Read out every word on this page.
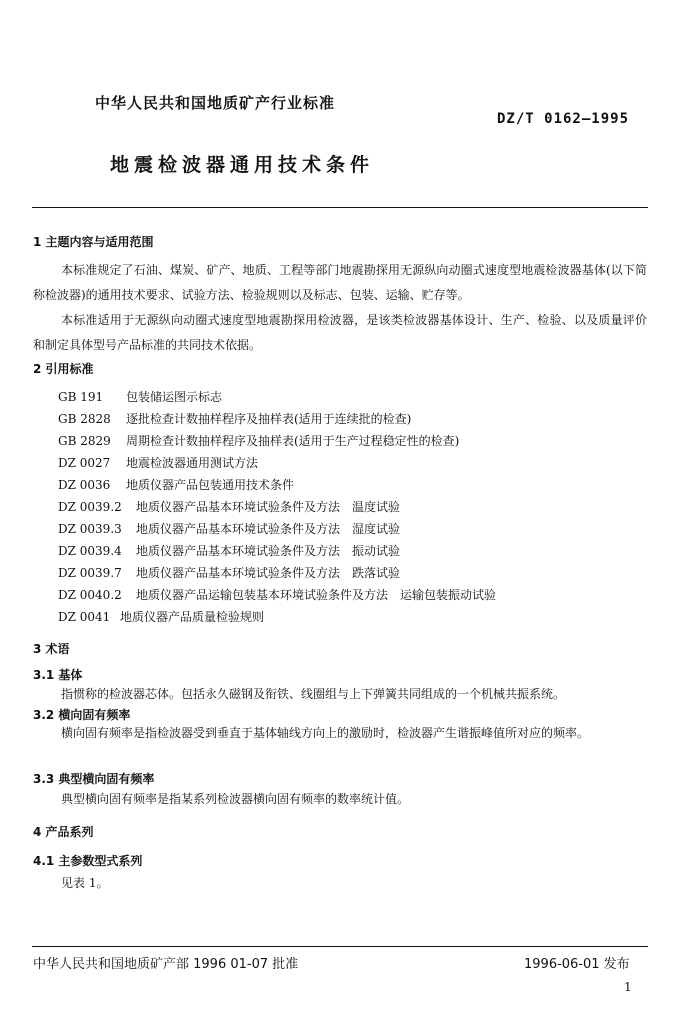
中华人民共和国地质矿产行业标准
DZ/T 0162—1995
地震检波器通用技术条件
1 主题内容与适用范围
本标准规定了石油、煤炭、矿产、地质、工程等部门地震勘探用无源纵向动圈式速度型地震检波器基体(以下简称检波器)的通用技术要求、试验方法、检验规则以及标志、包装、运输、贮存等。
本标准适用于无源纵向动圈式速度型地震勘探用检波器，是该类检波器基体设计、生产、检验、以及质量评价和制定具体型号产品标准的共同技术依据。
2 引用标准
GB 191 包装储运图示标志
GB 2828 逐批检查计数抽样程序及抽样表(适用于连续批的检查)
GB 2829 周期检查计数抽样程序及抽样表(适用于生产过程稳定性的检查)
DZ 0027 地震检波器通用测试方法
DZ 0036 地质仪器产品包装通用技术条件
DZ 0039.2 地质仪器产品基本环境试验条件及方法　温度试验
DZ 0039.3 地质仪器产品基本环境试验条件及方法　湿度试验
DZ 0039.4 地质仪器产品基本环境试验条件及方法　振动试验
DZ 0039.7 地质仪器产品基本环境试验条件及方法　跌落试验
DZ 0040.2 地质仪器产品运输包装基本环境试验条件及方法　运输包装振动试验
DZ 0041 地质仪器产品质量检验规则
3 术语
3.1 基体
指惯称的检波器芯体。包括永久磁钢及衔铁、线圈组与上下弹簧共同组成的一个机械共振系统。
3.2 横向固有频率
横向固有频率是指检波器受到垂直于基体轴线方向上的激励时，检波器产生谐振峰值所对应的频率。
3.3 典型横向固有频率
典型横向固有频率是指某系列检波器横向固有频率的数率统计值。
4 产品系列
4.1 主参数型式系列
见表 1。
中华人民共和国地质矿产部 1996 01-07 批准	1996-06-01 发布
1
